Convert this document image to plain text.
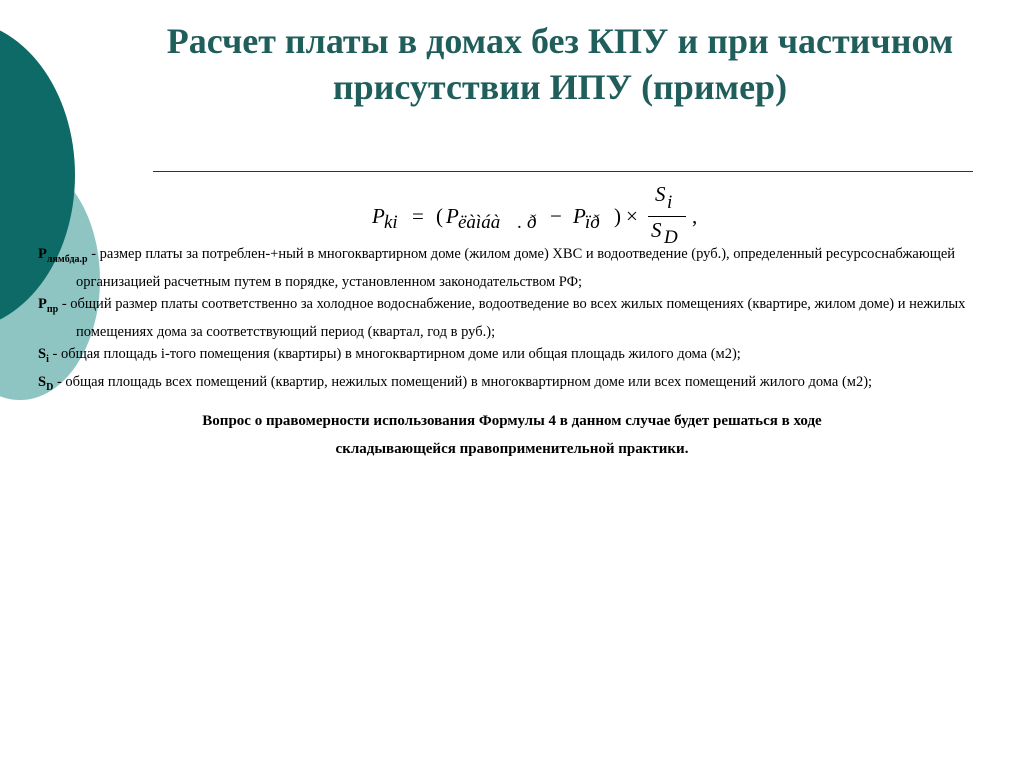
Расчет платы в домах без КПУ и при частичном присутствии ИПУ (пример)
P ki = ( P ëàìáà . ð − P ïð ) ×
S i
S D
,

$P_{лямбда.р}$ - размер платы за потреблен-+ный в многоквартирном доме (жилом доме) ХВС и водоотведение (руб.), определенный ресурсоснабжающей организацией расчетным путем в порядке, установленном законодательством РФ;

$P_{пр}$ - общий размер платы соответственно за холодное водоснабжение, водоотведение во всех жилых помещениях (квартире, жилом доме) и нежилых помещениях дома за соответствующий период (квартал, год в руб.);

$S_i$ - общая площадь i-того помещения (квартиры) в многоквартирном доме или общая площадь жилого дома (м2);

$S_D$ - общая площадь всех помещений (квартир, нежилых помещений) в многоквартирном доме или всех помещений жилого дома (м2);

Вопрос о правомерности использования Формулы 4 в данном случае будет решаться в ходе
складывающейся правоприменительной практики.
